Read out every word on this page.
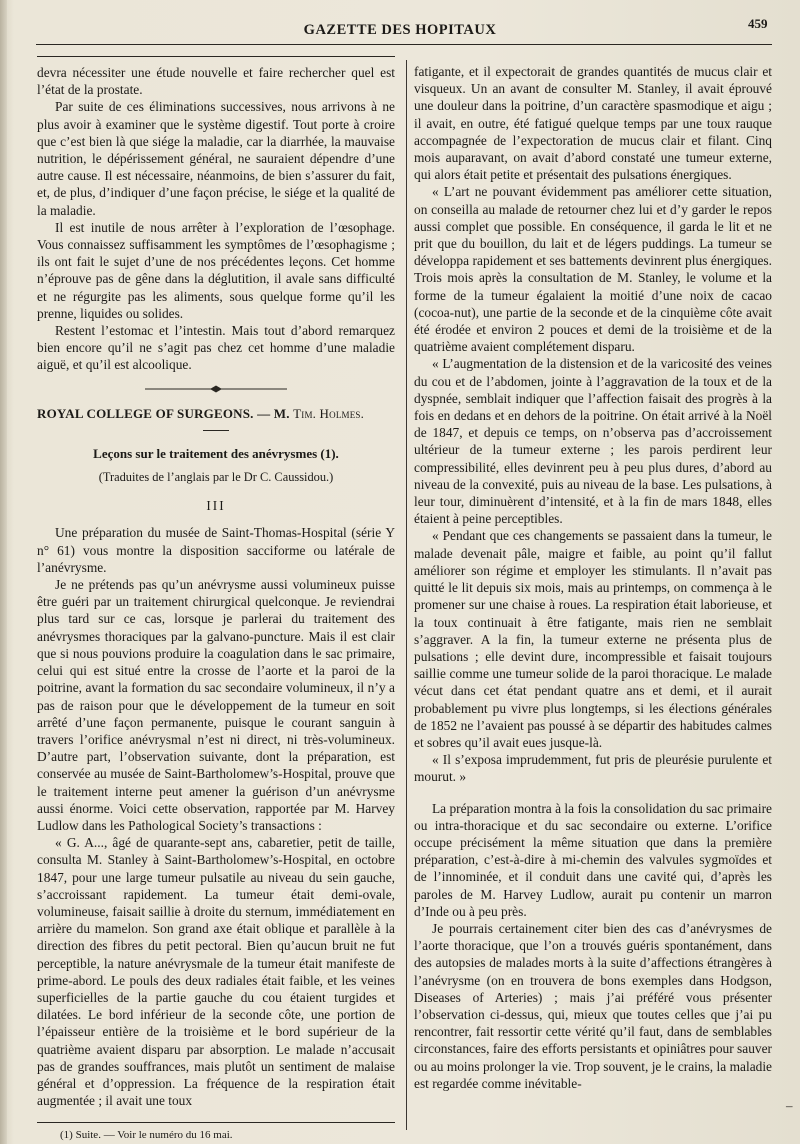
GAZETTE DES HOPITAUX	459

devra nécessiter une étude nouvelle et faire rechercher quel est l’état de la prostate.

Par suite de ces éliminations successives, nous arrivons à ne plus avoir à examiner que le système digestif. Tout porte à croire que c’est bien là que siége la maladie, car la diarrhée, la mauvaise nutrition, le dépérissement général, ne sauraient dépendre d’une autre cause. Il est nécessaire, néanmoins, de bien s’assurer du fait, et, de plus, d’indiquer d’une façon précise, le siége et la qualité de la maladie.

Il est inutile de nous arrêter à l’exploration de l’œsophage. Vous connaissez suffisamment les symptômes de l’œsophagisme ; ils ont fait le sujet d’une de nos précédentes leçons. Cet homme n’éprouve pas de gêne dans la déglutition, il avale sans difficulté et ne régurgite pas les aliments, sous quelque forme qu’il les prenne, liquides ou solides.

Restent l’estomac et l’intestin. Mais tout d’abord remarquez bien encore qu’il ne s’agit pas chez cet homme d’une maladie aiguë, et qu’il est alcoolique.

ROYAL COLLEGE OF SURGEONS. — M. Tim. Holmes.
Leçons sur le traitement des anévrysmes (1).
(Traduites de l’anglais par le Dr C. Caussidou.)
III

Une préparation du musée de Saint-Thomas-Hospital (série Y n° 61) vous montre la disposition sacciforme ou latérale de l’anévrysme.

Je ne prétends pas qu’un anévrysme aussi volumineux puisse être guéri par un traitement chirurgical quelconque. Je reviendrai plus tard sur ce cas, lorsque je parlerai du traitement des anévrysmes thoraciques par la galvano-puncture. Mais il est clair que si nous pouvions produire la coagulation dans le sac primaire, celui qui est situé entre la crosse de l’aorte et la paroi de la poitrine, avant la formation du sac secondaire volumineux, il n’y a pas de raison pour que le développement de la tumeur en soit arrêté d’une façon permanente, puisque le courant sanguin à travers l’orifice anévrysmal n’est ni direct, ni très-volumineux. D’autre part, l’observation suivante, dont la préparation, est conservée au musée de Saint-Bartholomew’s-Hospital, prouve que le traitement interne peut amener la guérison d’un anévrysme aussi énorme. Voici cette observation, rapportée par M. Harvey Ludlow dans les Pathological Society’s transactions :

« G. A..., âgé de quarante-sept ans, cabaretier, petit de taille, consulta M. Stanley à Saint-Bartholomew’s-Hospital, en octobre 1847, pour une large tumeur pulsatile au niveau du sein gauche, s’accroissant rapidement. La tumeur était demi-ovale, volumineuse, faisait saillie à droite du sternum, immédiatement en arrière du mamelon. Son grand axe était oblique et parallèle à la direction des fibres du petit pectoral. Bien qu’aucun bruit ne fut perceptible, la nature anévrysmale de la tumeur était manifeste de prime-abord. Le pouls des deux radiales était faible, et les veines superficielles de la partie gauche du cou étaient turgides et dilatées. Le bord inférieur de la seconde côte, une portion de l’épaisseur entière de la troisième et le bord supérieur de la quatrième avaient disparu par absorption. Le malade n’accusait pas de grandes souffrances, mais plutôt un sentiment de malaise général et d’oppression. La fréquence de la respiration était augmentée ; il avait une toux

(1) Suite. — Voir le numéro du 16 mai.

fatigante, et il expectorait de grandes quantités de mucus clair et visqueux. Un an avant de consulter M. Stanley, il avait éprouvé une douleur dans la poitrine, d’un caractère spasmodique et aigu ; il avait, en outre, été fatigué quelque temps par une toux rauque accompagnée de l’expectoration de mucus clair et filant. Cinq mois auparavant, on avait d’abord constaté une tumeur externe, qui alors était petite et présentait des pulsations énergiques.

« L’art ne pouvant évidemment pas améliorer cette situation, on conseilla au malade de retourner chez lui et d’y garder le repos aussi complet que possible. En conséquence, il garda le lit et ne prit que du bouillon, du lait et de légers puddings. La tumeur se développa rapidement et ses battements devinrent plus énergiques. Trois mois après la consultation de M. Stanley, le volume et la forme de la tumeur égalaient la moitié d’une noix de cacao (cocoa-nut), une partie de la seconde et de la cinquième côte avait été érodée et environ 2 pouces et demi de la troisième et de la quatrième avaient complétement disparu.

« L’augmentation de la distension et de la varicosité des veines du cou et de l’abdomen, jointe à l’aggravation de la toux et de la dyspnée, semblait indiquer que l’affection faisait des progrès à la fois en dedans et en dehors de la poitrine. On était arrivé à la Noël de 1847, et depuis ce temps, on n’observa pas d’accroissement ultérieur de la tumeur externe ; les parois perdirent leur compressibilité, elles devinrent peu à peu plus dures, d’abord au niveau de la convexité, puis au niveau de la base. Les pulsations, à leur tour, diminuèrent d’intensité, et à la fin de mars 1848, elles étaient à peine perceptibles.

« Pendant que ces changements se passaient dans la tumeur, le malade devenait pâle, maigre et faible, au point qu’il fallut améliorer son régime et employer les stimulants. Il n’avait pas quitté le lit depuis six mois, mais au printemps, on commença à le promener sur une chaise à roues. La respiration était laborieuse, et la toux continuait à être fatigante, mais rien ne semblait s’aggraver. A la fin, la tumeur externe ne présenta plus de pulsations ; elle devint dure, incompressible et faisait toujours saillie comme une tumeur solide de la paroi thoracique. Le malade vécut dans cet état pendant quatre ans et demi, et il aurait probablement pu vivre plus longtemps, si les élections générales de 1852 ne l’avaient pas poussé à se départir des habitudes calmes et sobres qu’il avait eues jusque-là.

« Il s’exposa imprudemment, fut pris de pleurésie purulente et mourut. »

La préparation montra à la fois la consolidation du sac primaire ou intra-thoracique et du sac secondaire ou externe. L’orifice occupe précisément la même situation que dans la première préparation, c’est-à-dire à mi-chemin des valvules sygmoïdes et de l’innominée, et il conduit dans une cavité qui, d’après les paroles de M. Harvey Ludlow, aurait pu contenir un marron d’Inde ou à peu près.

Je pourrais certainement citer bien des cas d’anévrysmes de l’aorte thoracique, que l’on a trouvés guéris spontanément, dans des autopsies de malades morts à la suite d’affections étrangères à l’anévrysme (on en trouvera de bons exemples dans Hodgson, Diseases of Arteries) ; mais j’ai préféré vous présenter l’observation ci-dessus, qui, mieux que toutes celles que j’ai pu rencontrer, fait ressortir cette vérité qu’il faut, dans de semblables circonstances, faire des efforts persistants et opiniâtres pour sauver ou au moins prolonger la vie. Trop souvent, je le crains, la maladie est regardée comme inévitable-

–
